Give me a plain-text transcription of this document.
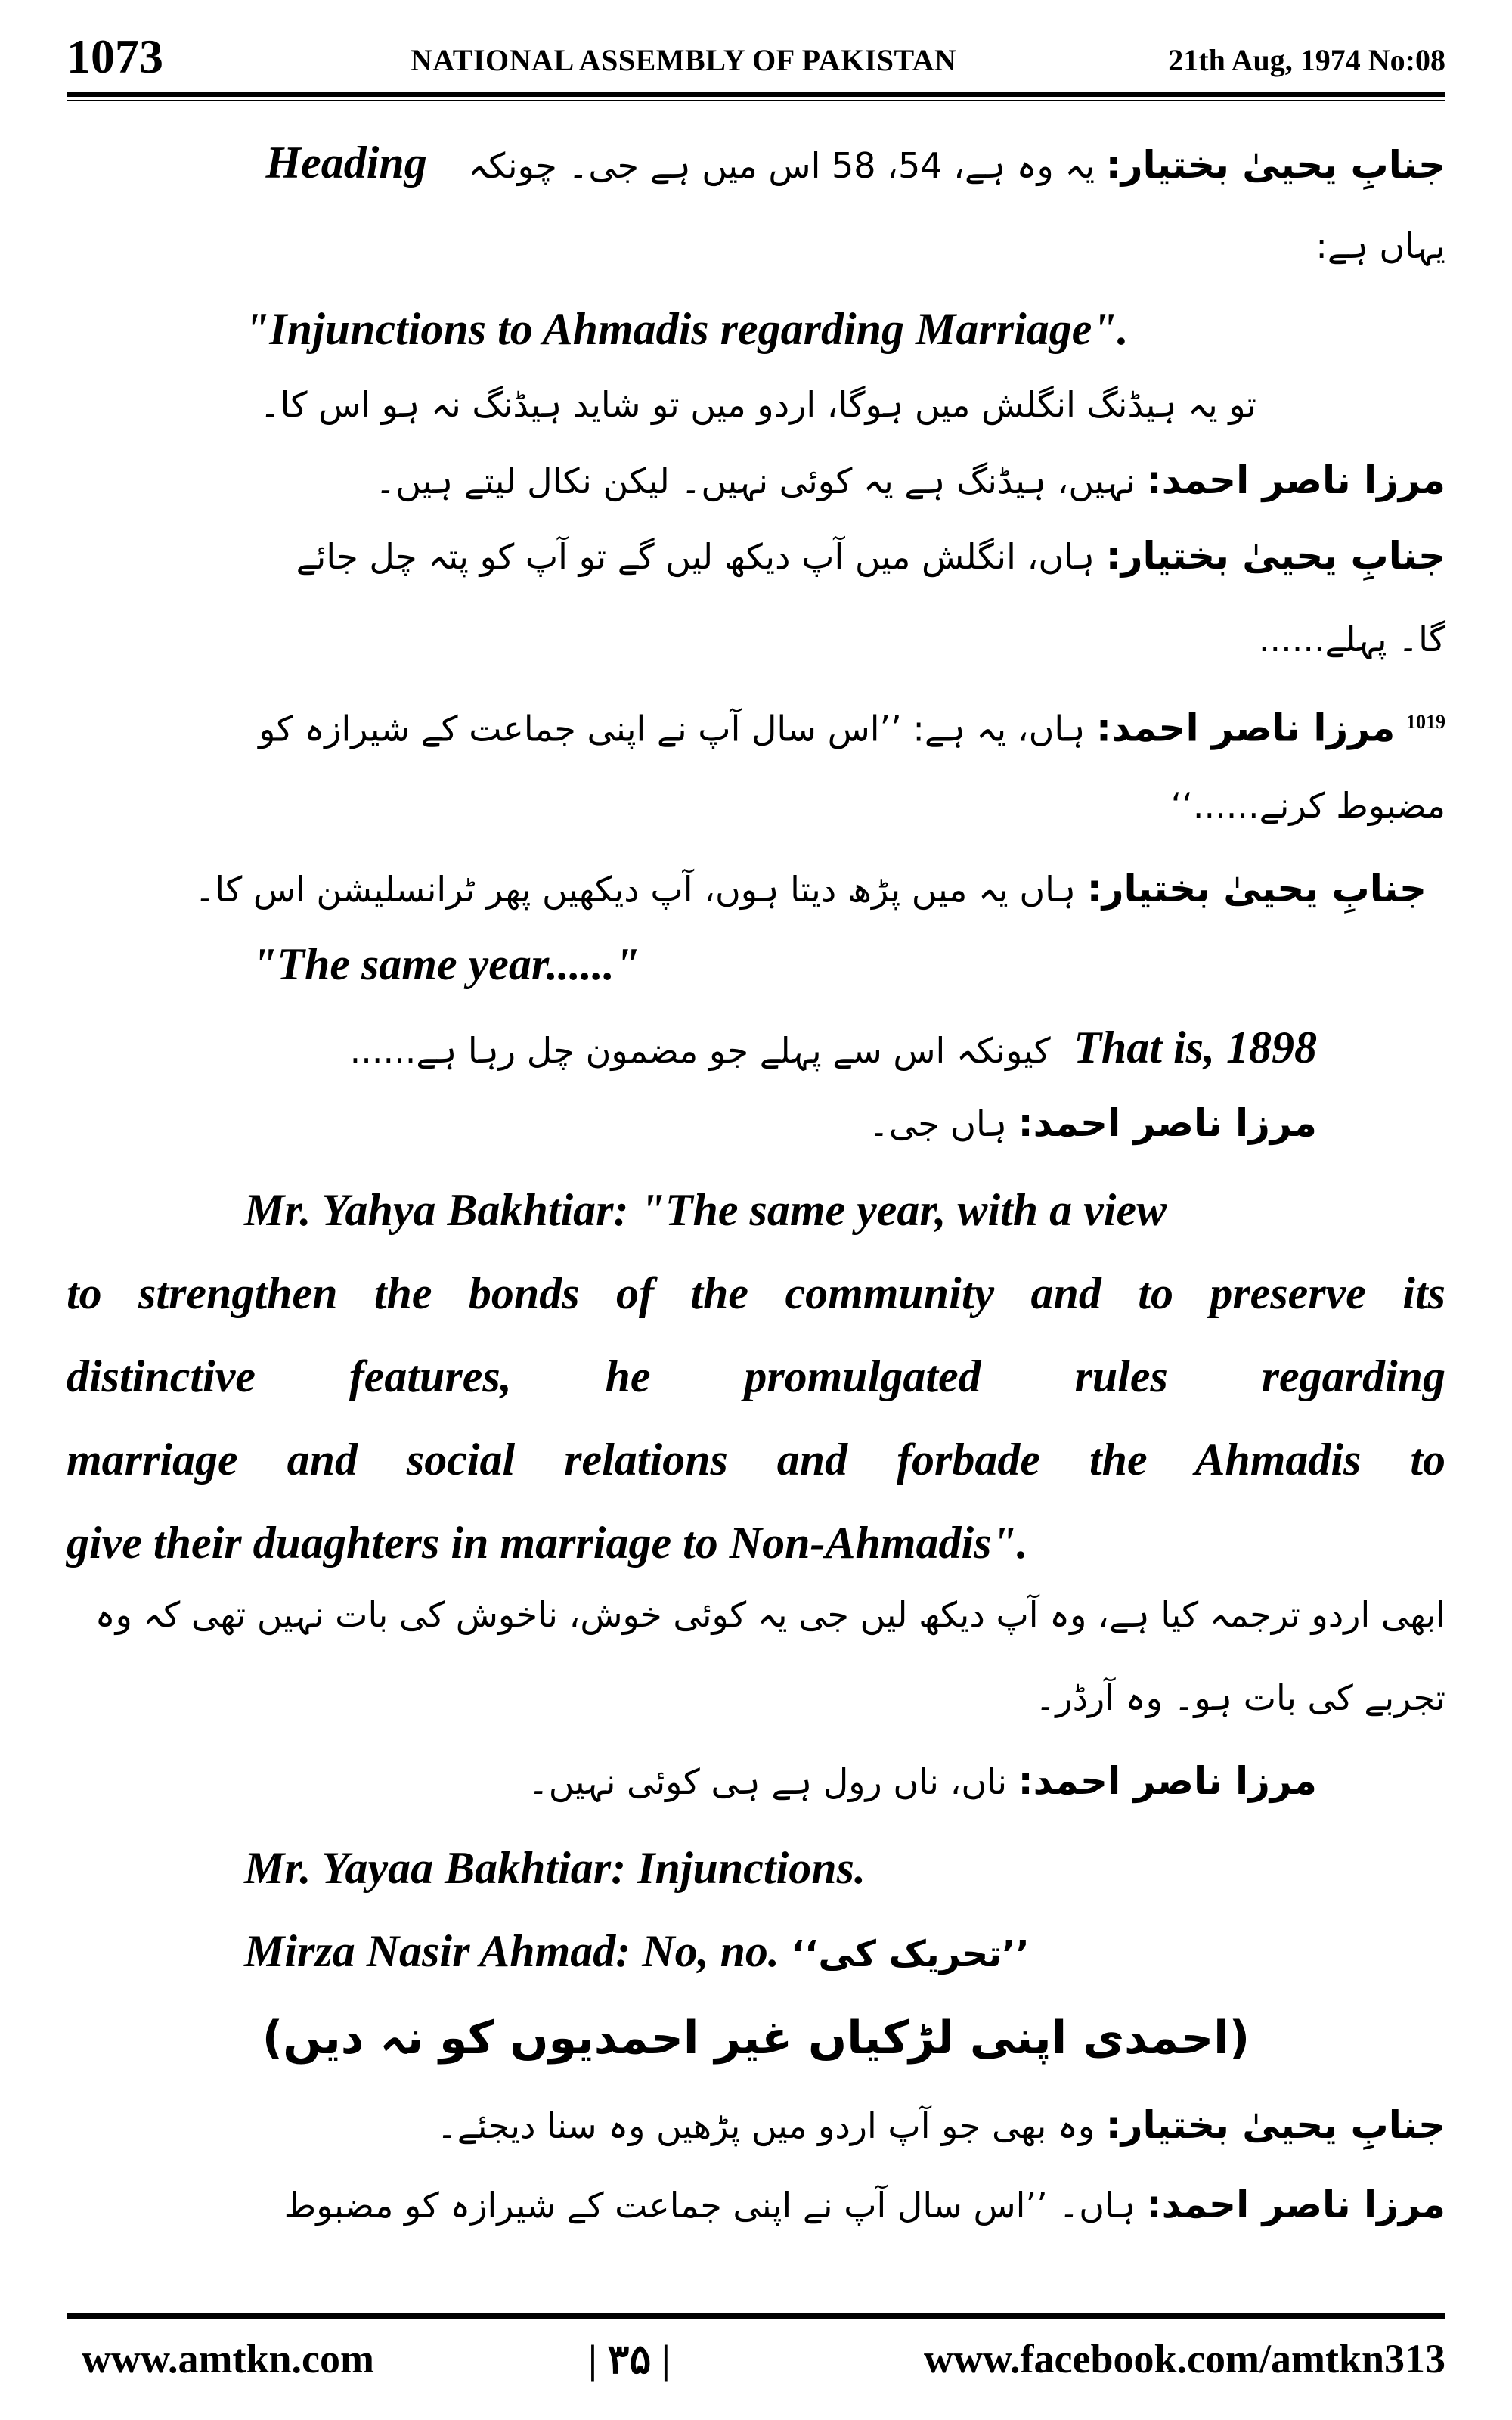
1073	NATIONAL ASSEMBLY OF PAKISTAN	21th Aug, 1974 No:08
جنابِ یحییٰ بختیار: یہ وہ ہے، 54، 58 اس میں ہے جی۔ چونکہ Heading
یہاں ہے:
"Injunctions to Ahmadis regarding Marriage".
تو یہ ہیڈنگ انگلش میں ہوگا، اردو میں تو شاید ہیڈنگ نہ ہو اس کا۔
مرزا ناصر احمد: نہیں، ہیڈنگ ہے یہ کوئی نہیں۔ لیکن نکال لیتے ہیں۔
جنابِ یحییٰ بختیار: ہاں، انگلش میں آپ دیکھ لیں گے تو آپ کو پتہ چل جائے
گا۔ پہلے......
$^{1019}$ مرزا ناصر احمد: ہاں، یہ ہے: ’’اس سال آپ نے اپنی جماعت کے شیرازہ کو
مضبوط کرنے......‘‘
جنابِ یحییٰ بختیار: ہاں یہ میں پڑھ دیتا ہوں، آپ دیکھیں پھر ٹرانسلیشن اس کا۔
"The same year......"
That is, 1898 کیونکہ اس سے پہلے جو مضمون چل رہا ہے......
مرزا ناصر احمد: ہاں جی۔
Mr. Yahya Bakhtiar: "The same year, with a view
to strengthen the bonds of the community and to preserve its
distinctive features, he promulgated rules regarding
marriage and social relations and forbade the Ahmadis to
give their duaghters in marriage to Non-Ahmadis".
ابھی اردو ترجمہ کیا ہے، وہ آپ دیکھ لیں جی یہ کوئی خوش، ناخوش کی بات نہیں تھی کہ وہ
تجربے کی بات ہو۔ وہ آرڈر۔
مرزا ناصر احمد: ناں، ناں رول ہے ہی کوئی نہیں۔
Mr. Yayaa Bakhtiar: Injunctions.
Mirza Nasir Ahmad: No, no. ’’تحریک کی‘‘
(احمدی اپنی لڑکیاں غیر احمدیوں کو نہ دیں)
جنابِ یحییٰ بختیار: وہ بھی جو آپ اردو میں پڑھیں وہ سنا دیجئے۔
مرزا ناصر احمد: ہاں۔ ’’اس سال آپ نے اپنی جماعت کے شیرازہ کو مضبوط
www.amtkn.com	| ٣۵ |	www.facebook.com/amtkn313
